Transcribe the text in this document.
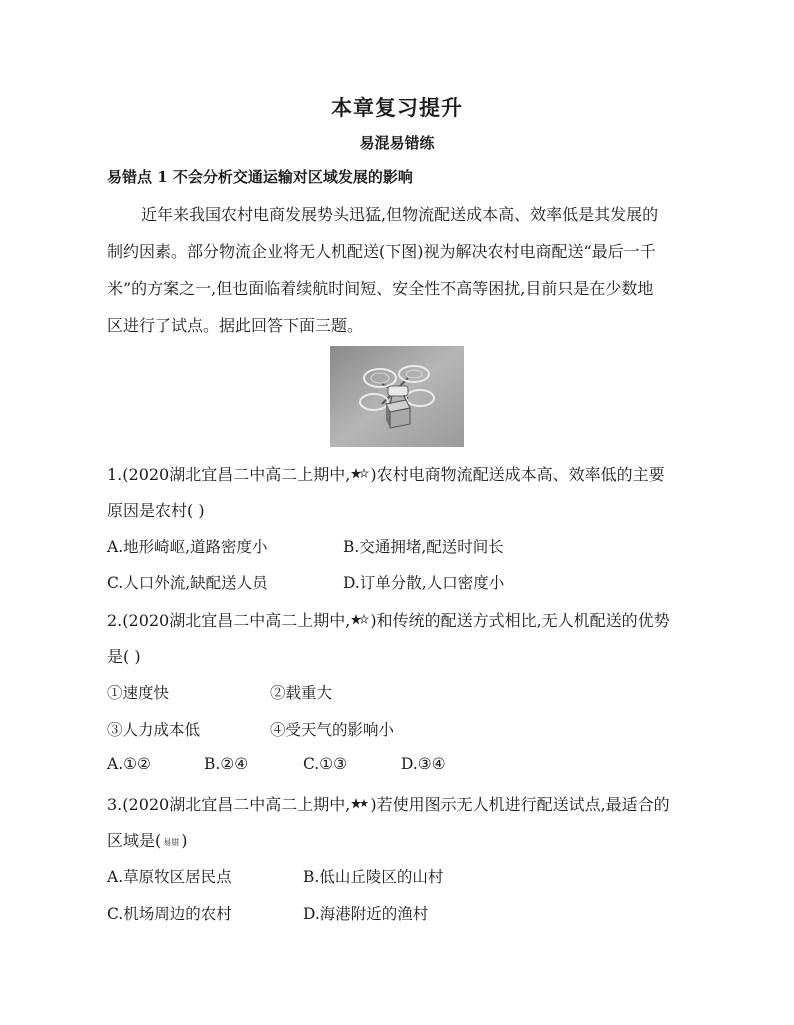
本章复习提升
易混易错练
易错点 1 不会分析交通运输对区域发展的影响
近年来我国农村电商发展势头迅猛,但物流配送成本高、效率低是其发展的
制约因素。部分物流企业将无人机配送(下图)视为解决农村电商配送“最后一千
米”的方案之一,但也面临着续航时间短、安全性不高等困扰,目前只是在少数地
区进行了试点。据此回答下面三题。
1.(2020湖北宜昌二中高二上期中, )农村电商物流配送成本高、效率低的主要
原因是农村( )
A.地形崎岖,道路密度小	B.交通拥堵,配送时间长
C.人口外流,缺配送人员	D.订单分散,人口密度小
2.(2020湖北宜昌二中高二上期中, )和传统的配送方式相比,无人机配送的优势
是( )
①速度快	②载重大
③人力成本低	④受天气的影响小
A.①②	B.②④	C.①③	D.③④
3.(2020湖北宜昌二中高二上期中, )若使用图示无人机进行配送试点,最适合的
区域是( 易错 )
A.草原牧区居民点	B.低山丘陵区的山村
C.机场周边的农村	D.海港附近的渔村
